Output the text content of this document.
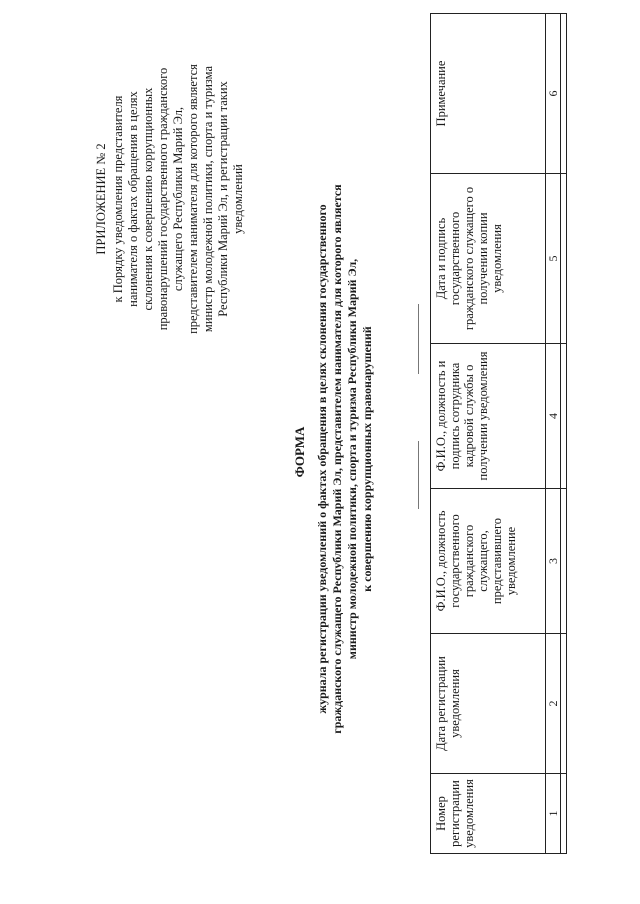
ПРИЛОЖЕНИЕ № 2 к Порядку уведомления представителя нанимателя о фактах обращения в целях склонения к совершению коррупционных правонарушений государственного гражданского служащего Республики Марий Эл, представителем нанимателя для которого является министр молодежной политики, спорта и туризма Республики Марий Эл, и регистрации таких уведомлений
ФОРМА журнала регистрации уведомлений о фактах обращения в целях склонения государственного гражданского служащего Республики Марий Эл, представителем нанимателя для которого является министр молодежной политики, спорта и туризма Республики Марий Эл, к совершению коррупционных правонарушений
Номер регистрации уведомления	Дата регистрации уведомления	Ф.И.О., должность государственного гражданского служащего, представившего уведомление	Ф.И.О., должность и подпись сотрудника кадровой службы о получении уведомления	Дата и подпись государственного гражданского служащего о получении копии уведомления	Примечание
1	2	3	4	5	6
